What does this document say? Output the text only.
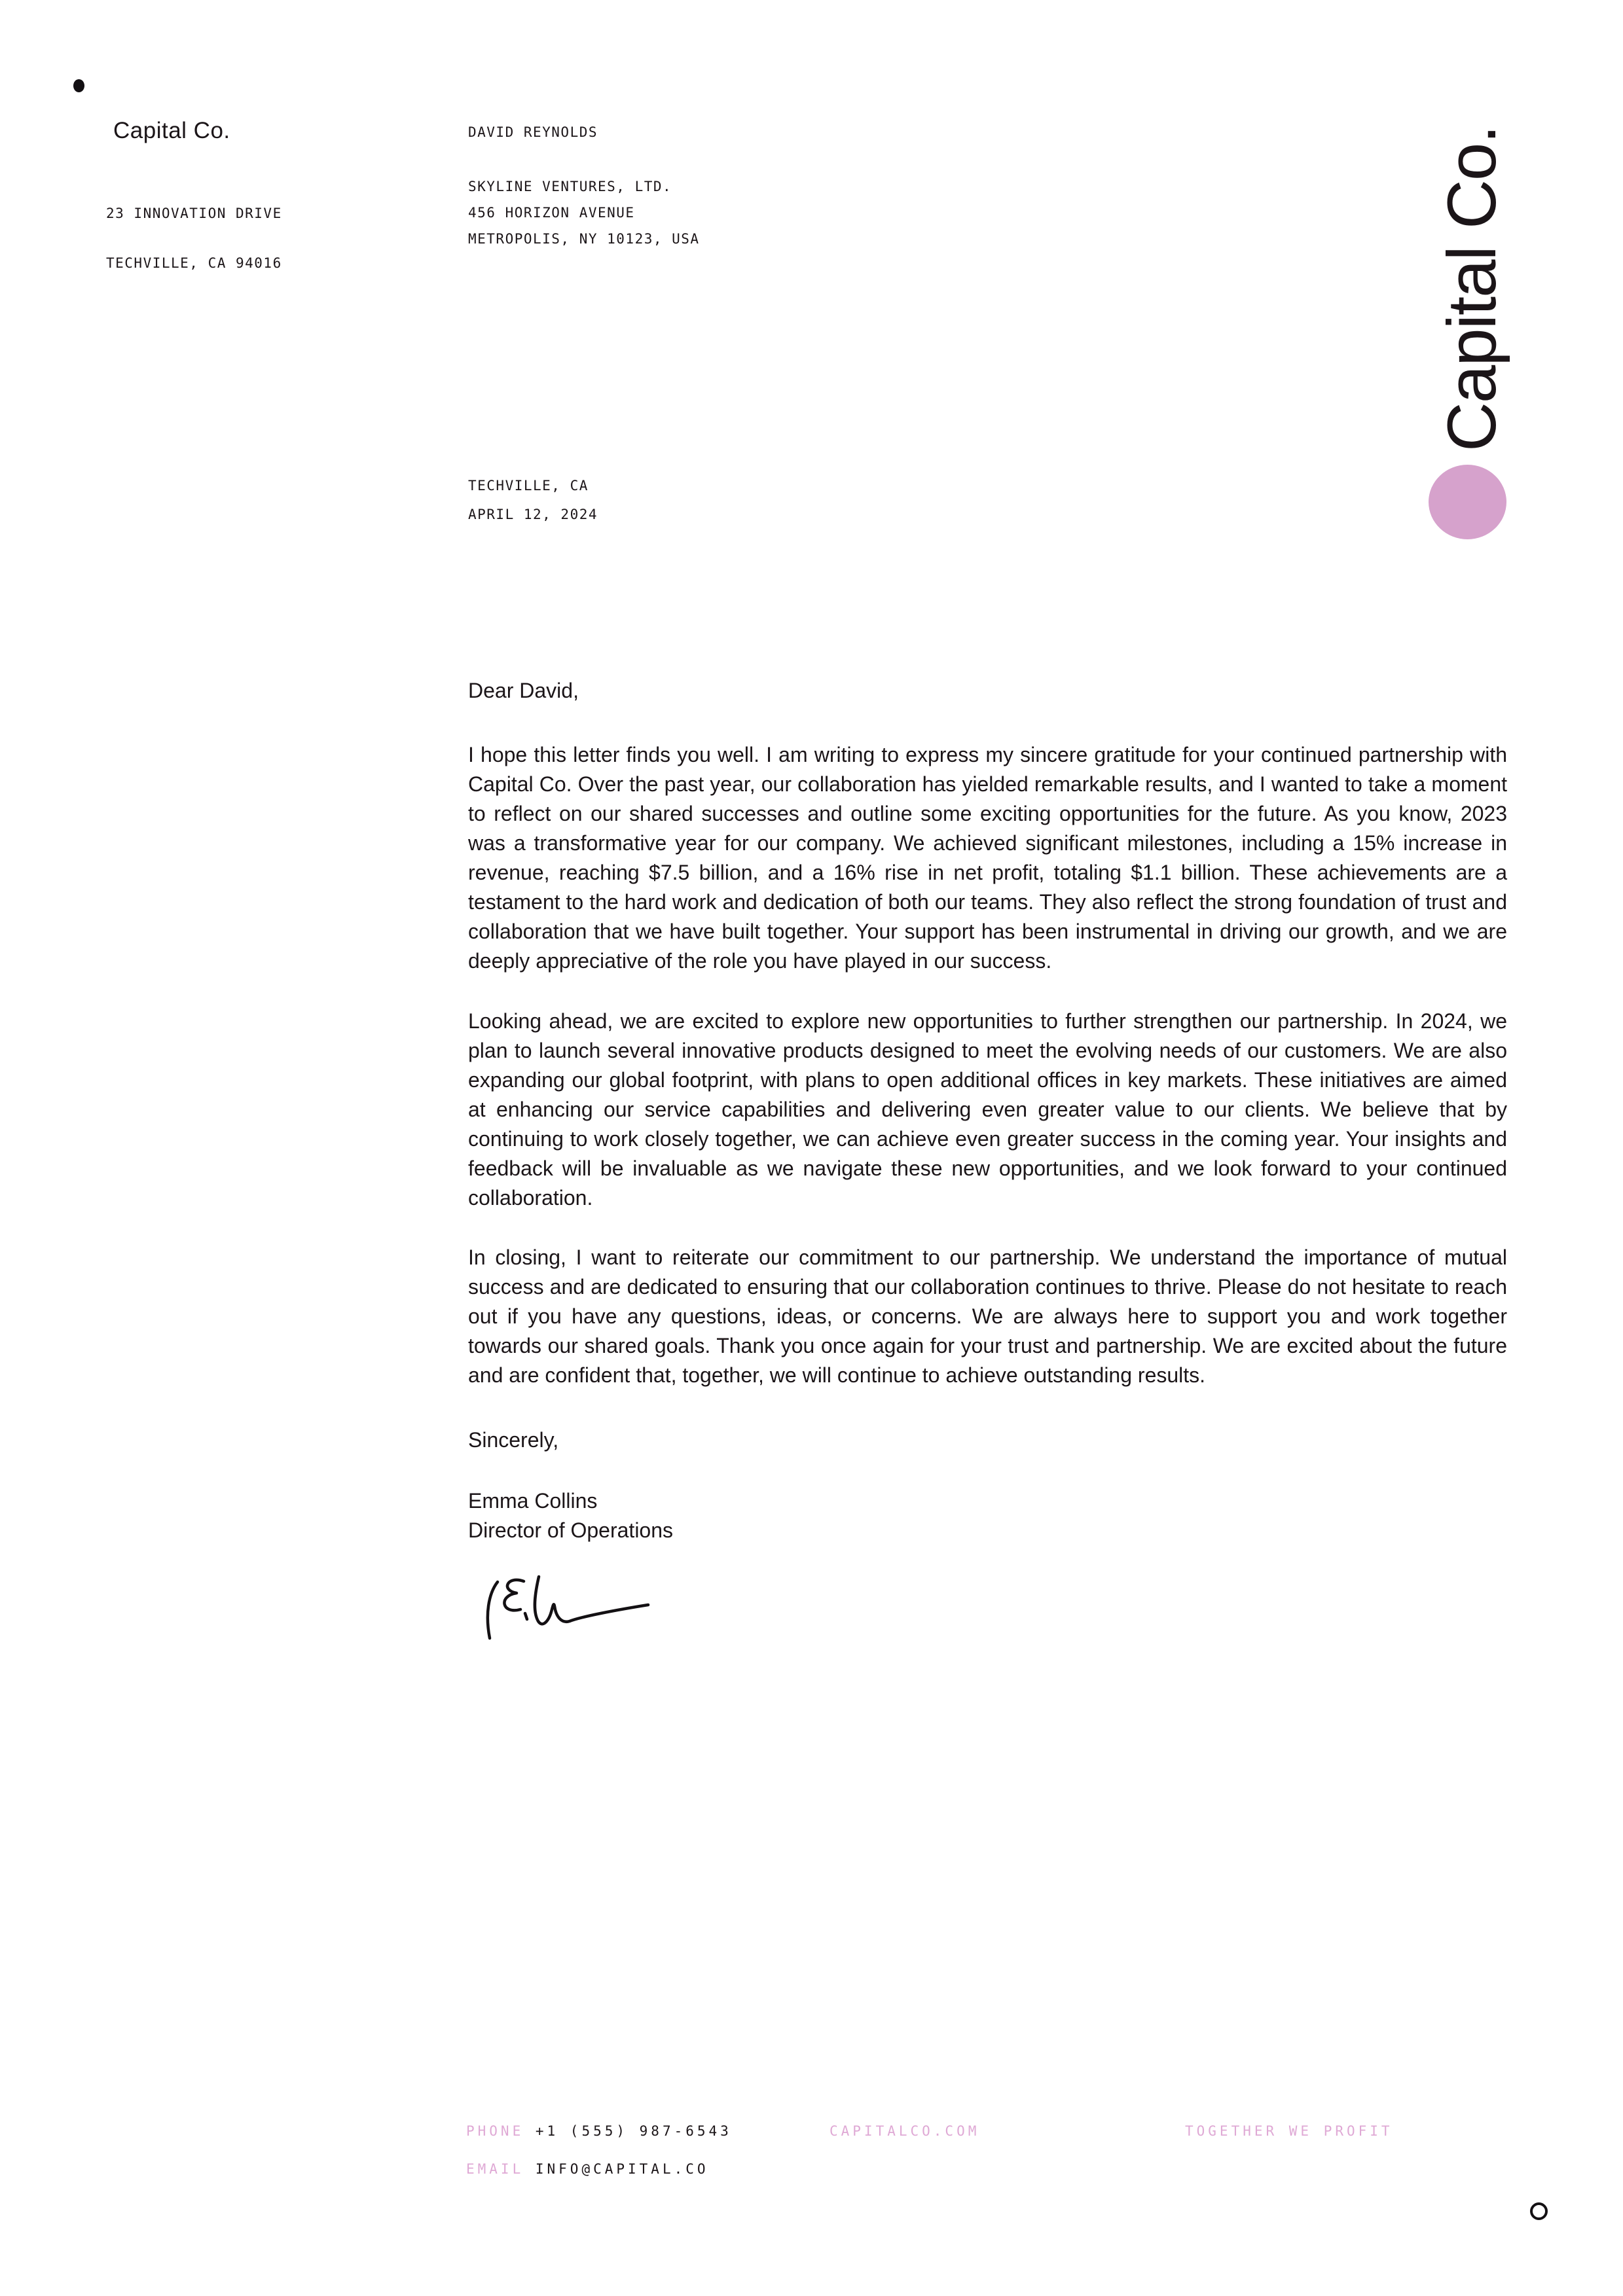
Capital Co.

23 INNOVATION DRIVE

TECHVILLE, CA 94016

DAVID REYNOLDS
SKYLINE VENTURES, LTD.
456 HORIZON AVENUE
METROPOLIS, NY 10123, USA
TECHVILLE, CA
APRIL 12, 2024
Capital Co.

Dear David,

I hope this letter finds you well. I am writing to express my sincere gratitude for your continued partnership with Capital Co. Over the past year, our collaboration has yielded remarkable results, and I wanted to take a moment to reflect on our shared successes and outline some exciting opportunities for the future. As you know, 2023 was a transformative year for our company. We achieved significant milestones, including a 15% increase in revenue, reaching $7.5 billion, and a 16% rise in net profit, totaling $1.1 billion. These achievements are a testament to the hard work and dedication of both our teams. They also reflect the strong foundation of trust and collaboration that we have built together. Your support has been instrumental in driving our growth, and we are deeply appreciative of the role you have played in our success.

Looking ahead, we are excited to explore new opportunities to further strengthen our partnership. In 2024, we plan to launch several innovative products designed to meet the evolving needs of our customers. We are also expanding our global footprint, with plans to open additional offices in key markets. These initiatives are aimed at enhancing our service capabilities and delivering even greater value to our clients. We believe that by continuing to work closely together, we can achieve even greater success in the coming year. Your insights and feedback will be invaluable as we navigate these new opportunities, and we look forward to your continued collaboration.

In closing, I want to reiterate our commitment to our partnership. We understand the importance of mutual success and are dedicated to ensuring that our collaboration continues to thrive. Please do not hesitate to reach out if you have any questions, ideas, or concerns. We are always here to support you and work together towards our shared goals. Thank you once again for your trust and partnership. We are excited about the future and are confident that, together, we will continue to achieve outstanding results.

Sincerely,

Emma Collins

Director of Operations

PHONE +1 (555) 987-6543	CAPITALCO.COM	TOGETHER WE PROFIT
EMAIL INFO@CAPITAL.CO
